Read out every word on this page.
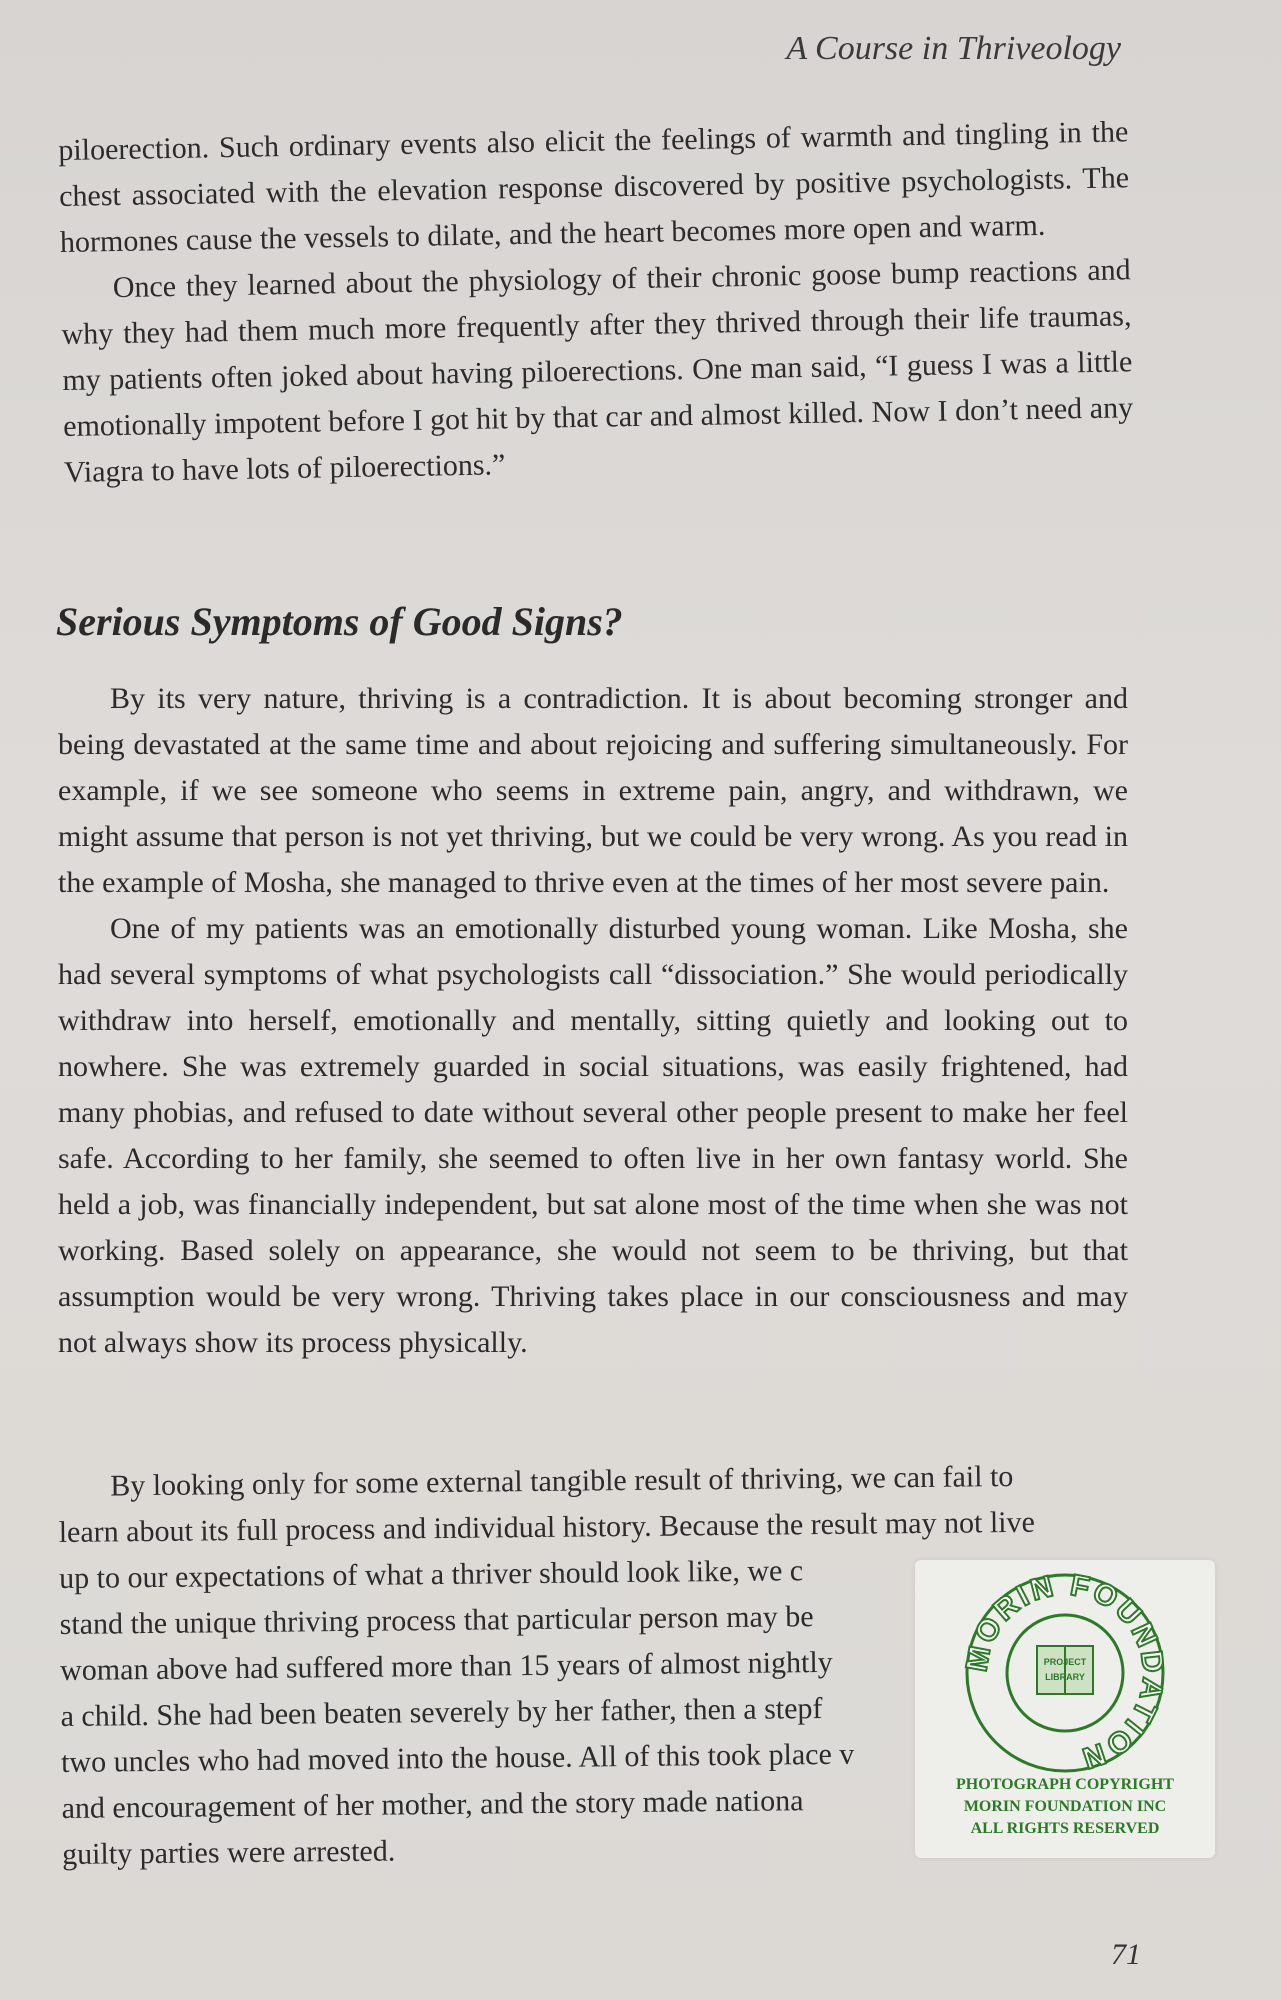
A Course in Thriveology

piloerection. Such ordinary events also elicit the feelings of warmth and tingling in the chest associated with the elevation response discovered by positive psychologists. The hormones cause the vessels to dilate, and the heart becomes more open and warm.

Once they learned about the physiology of their chronic goose bump reactions and why they had them much more frequently after they thrived through their life traumas, my patients often joked about having piloerections. One man said, “I guess I was a little emotionally impotent before I got hit by that car and almost killed. Now I don’t need any Viagra to have lots of piloerections.”

Serious Symptoms of Good Signs?

By its very nature, thriving is a contradiction. It is about becoming stronger and being devastated at the same time and about rejoicing and suffering simultaneously. For example, if we see someone who seems in extreme pain, angry, and withdrawn, we might assume that person is not yet thriving, but we could be very wrong. As you read in the example of Mosha, she managed to thrive even at the times of her most severe pain.

One of my patients was an emotionally disturbed young woman. Like Mosha, she had several symptoms of what psychologists call “dissociation.” She would periodically withdraw into herself, emotionally and mentally, sitting quietly and looking out to nowhere. She was extremely guarded in social situations, was easily frightened, had many phobias, and refused to date without several other people present to make her feel safe. According to her family, she seemed to often live in her own fantasy world. She held a job, was financially independent, but sat alone most of the time when she was not working. Based solely on appearance, she would not seem to be thriving, but that assumption would be very wrong. Thriving takes place in our consciousness and may not always show its process physically.

By looking only for some external tangible result of thriving, we can fail to
learn about its full process and individual history. Because the result may not live
up to our expectations of what a thriver should look like, we c
stand the unique thriving process that particular person may be
woman above had suffered more than 15 years of almost nightly
a child. She had been beaten severely by her father, then a stepf
two uncles who had moved into the house. All of this took place v
and encouragement of her mother, and the story made nationa
guilty parties were arrested.
MORIN FOUNDATION
PROJECT
LIBRARY
PHOTOGRAPH COPYRIGHT
MORIN FOUNDATION INC
ALL RIGHTS RESERVED
71
